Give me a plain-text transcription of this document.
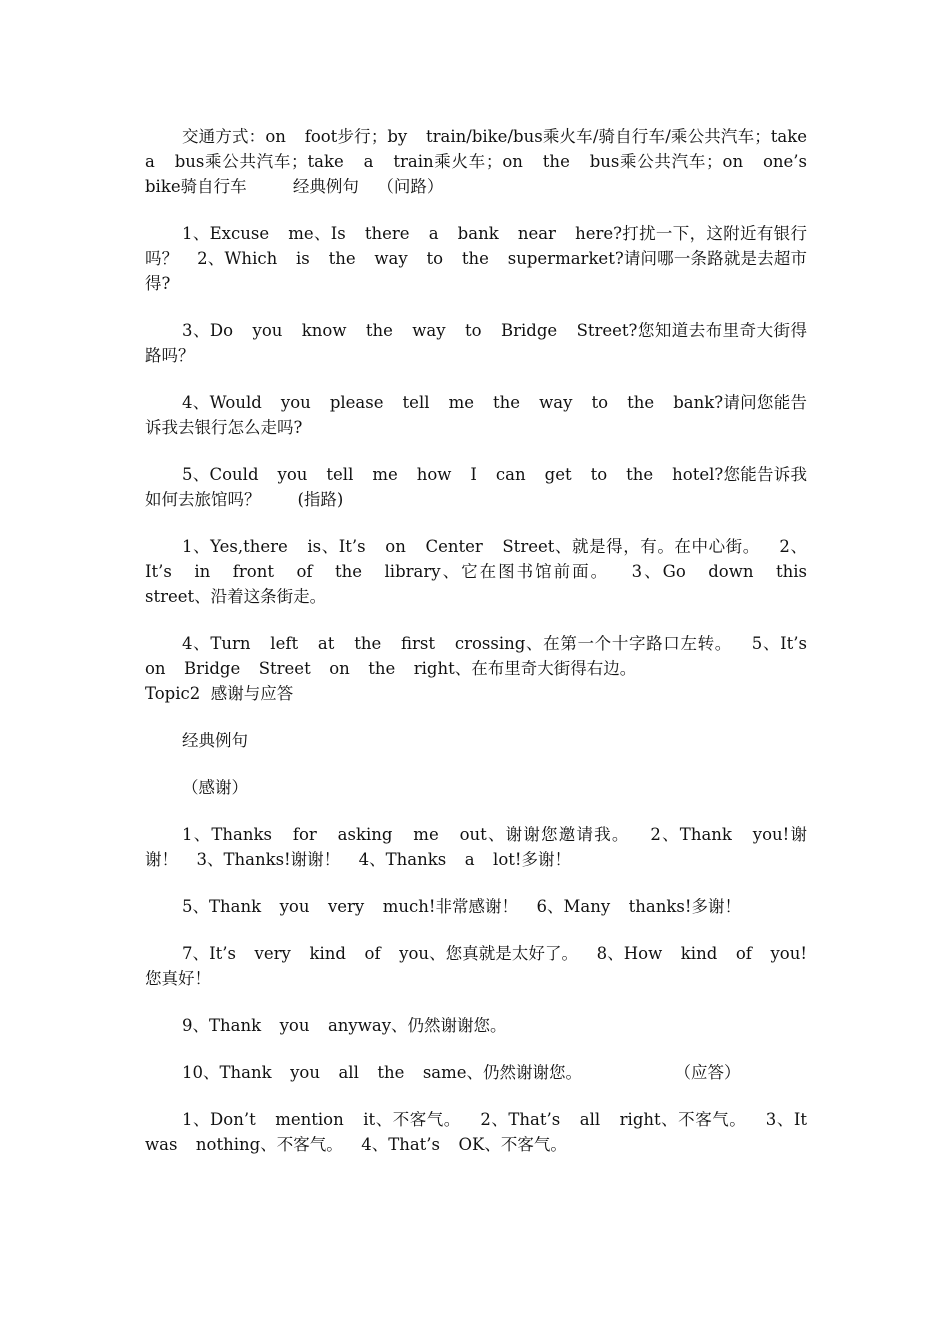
交通方式：on  foot步行；by  train/bike/bus乘火车/骑自行车/乘公共汽车；take  a  bus乘公共汽车；take  a  train乘火车；on  the  bus乘公共汽车；on  one’s  bike骑自行车     经典例句  （问路）

1、Excuse  me、Is  there  a  bank  near  here?打扰一下，这附近有银行吗？  2、Which  is  the  way  to  the  supermarket?请问哪一条路就是去超市得?

3、Do  you  know  the  way  to  Bridge  Street?您知道去布里奇大街得路吗？

4、Would  you  please  tell  me  the  way  to  the  bank?请问您能告诉我去银行怎么走吗?

5、Could  you  tell  me  how  I  can  get  to  the  hotel?您能告诉我如何去旅馆吗？    (指路)

1、Yes,there  is、It’s  on  Center  Street、就是得，有。在中心街。  2、It’s  in  front  of  the  library、它在图书馆前面。  3、Go  down  this  street、沿着这条街走。

4、Turn  left  at  the  first  crossing、在第一个十字路口左转。  5、It’s  on  Bridge  Street  on  the  right、在布里奇大街得右边。

Topic2  感谢与应答

经典例句

（感谢）

1、Thanks  for  asking  me  out、谢谢您邀请我。  2、Thank  you!谢谢！  3、Thanks!谢谢！  4、Thanks  a  lot!多谢！

5、Thank  you  very  much!非常感谢！  6、Many  thanks!多谢！

7、It’s  very  kind  of  you、您真就是太好了。  8、How  kind  of  you!您真好！

9、Thank  you  anyway、仍然谢谢您。

10、Thank  you  all  the  same、仍然谢谢您。          （应答）

1、Don’t  mention  it、不客气。  2、That’s  all  right、不客气。  3、It  was  nothing、不客气。  4、That’s  OK、不客气。
